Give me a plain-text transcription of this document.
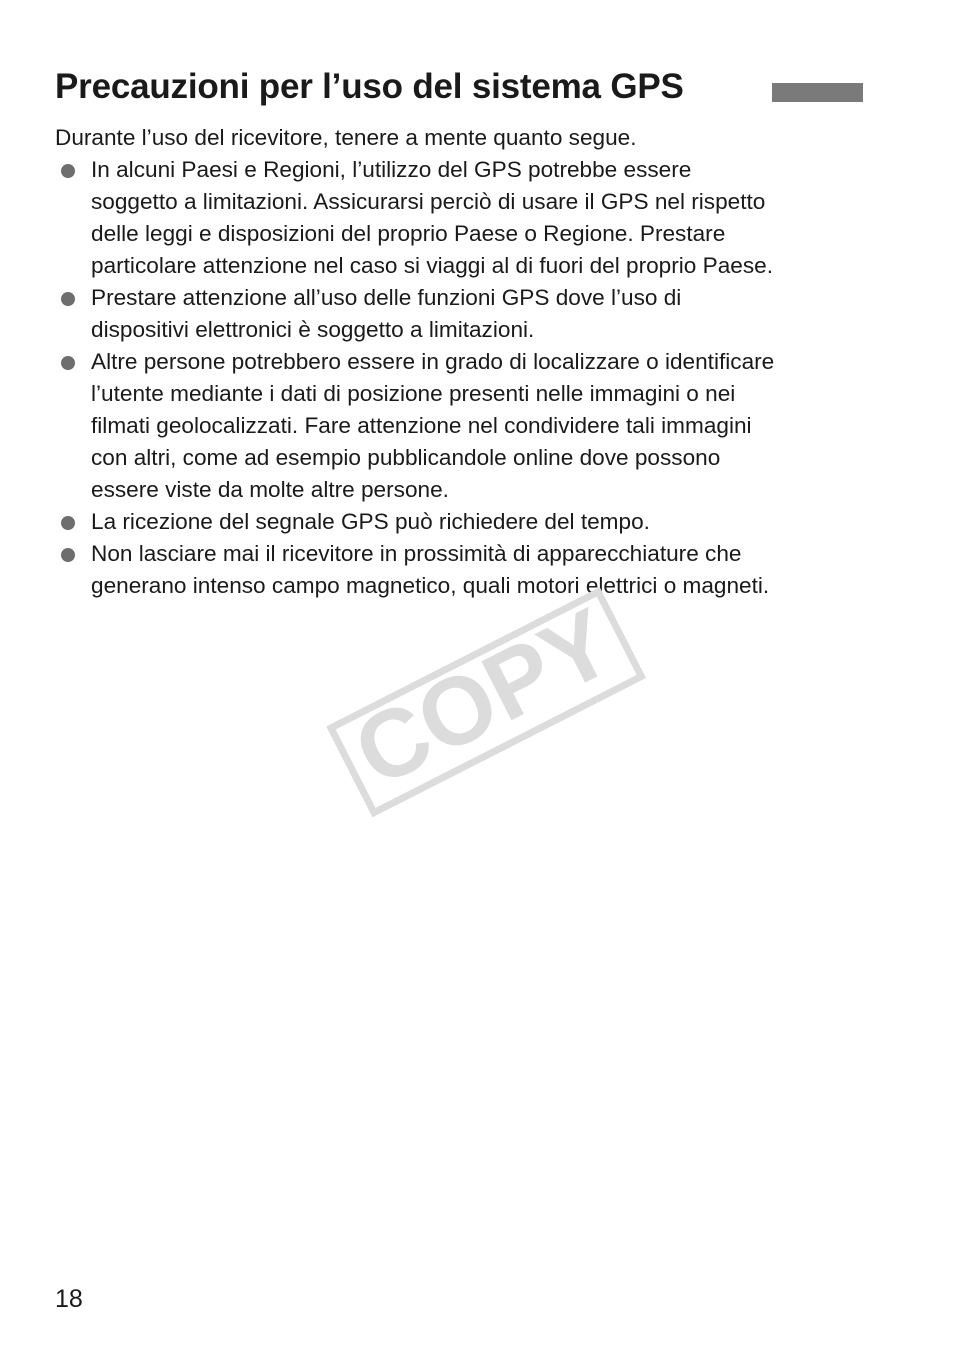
Precauzioni per l’uso del sistema GPS
Durante l’uso del ricevitore, tenere a mente quanto segue.
In alcuni Paesi e Regioni, l’utilizzo del GPS potrebbe essere
soggetto a limitazioni. Assicurarsi perciò di usare il GPS nel rispetto
delle leggi e disposizioni del proprio Paese o Regione. Prestare
particolare attenzione nel caso si viaggi al di fuori del proprio Paese.
Prestare attenzione all’uso delle funzioni GPS dove l’uso di
dispositivi elettronici è soggetto a limitazioni.
Altre persone potrebbero essere in grado di localizzare o identificare
l’utente mediante i dati di posizione presenti nelle immagini o nei
filmati geolocalizzati. Fare attenzione nel condividere tali immagini
con altri, come ad esempio pubblicandole online dove possono
essere viste da molte altre persone.
La ricezione del segnale GPS può richiedere del tempo.
Non lasciare mai il ricevitore in prossimità di apparecchiature che
generano intenso campo magnetico, quali motori elettrici o magneti.
COPY
18
